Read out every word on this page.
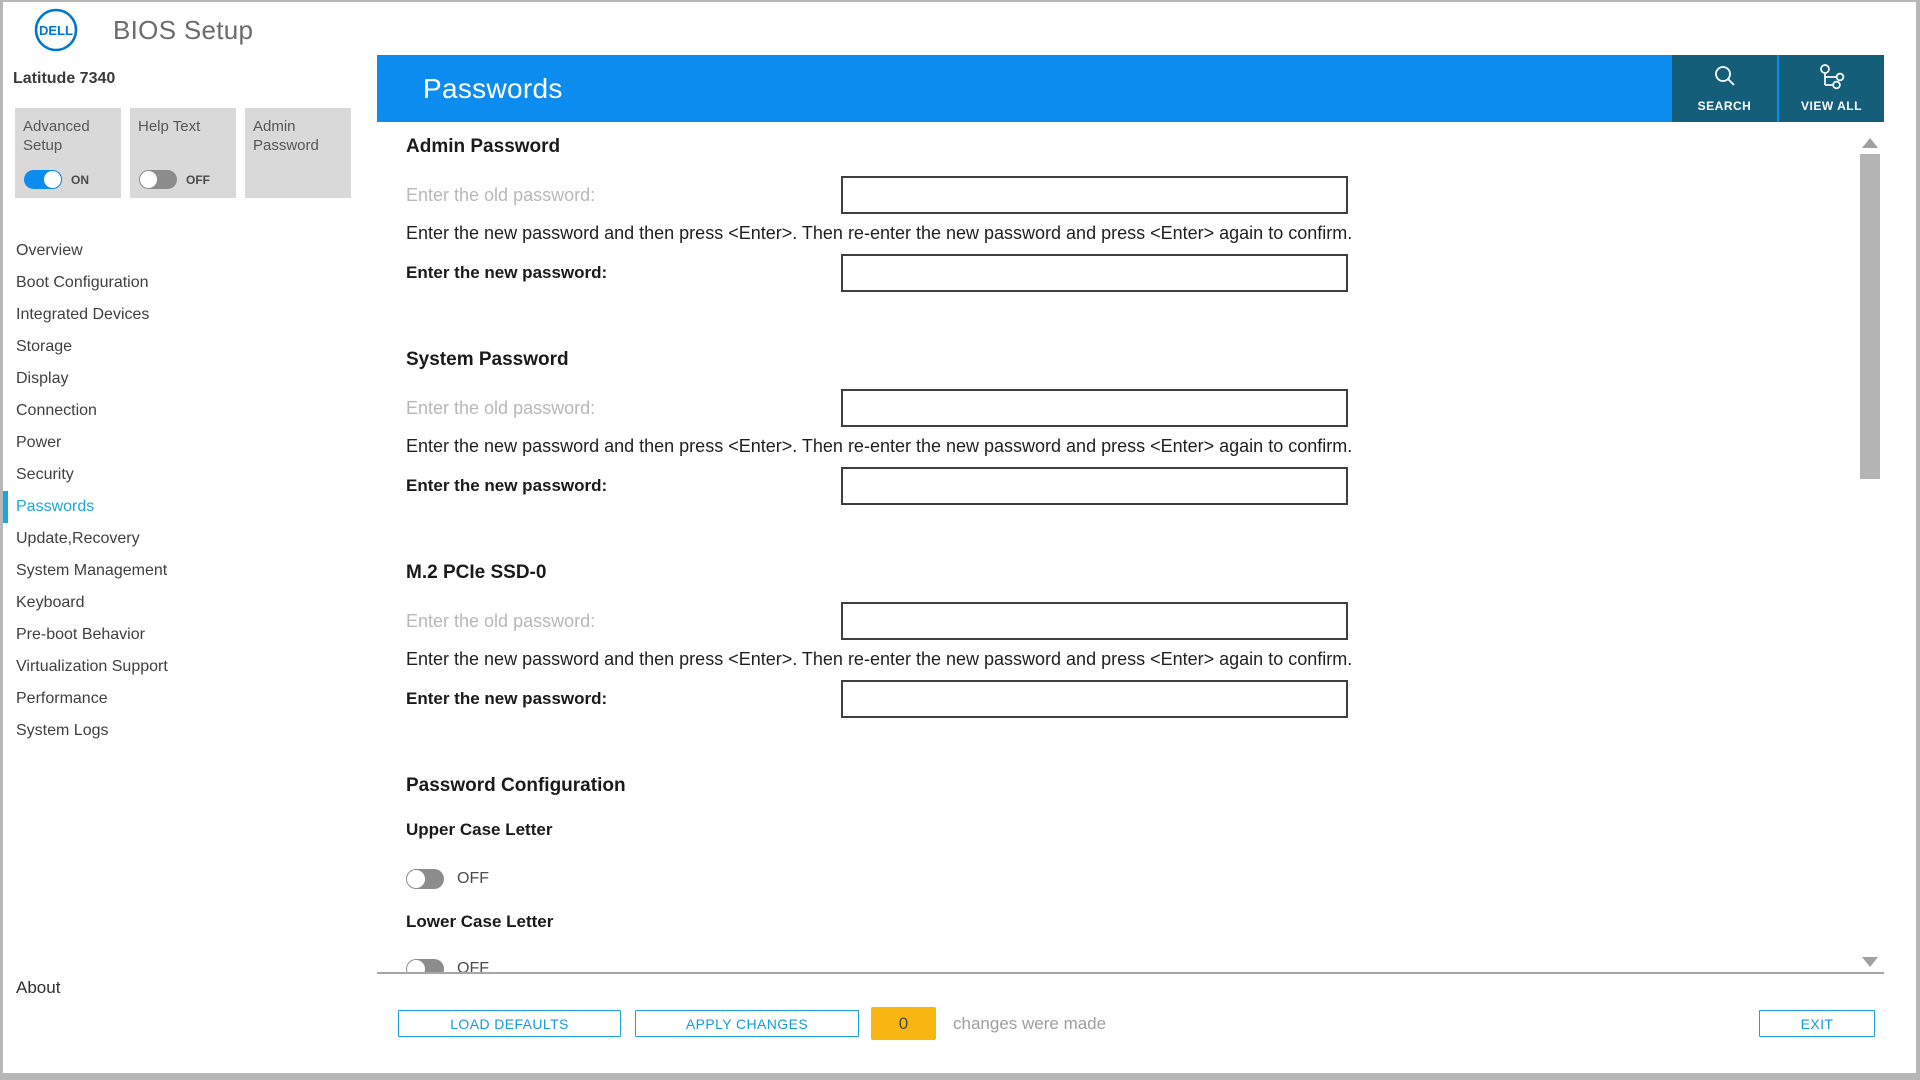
DELL BIOS Setup
Latitude 7340
Advanced Setup
ON
Help Text
OFF
Admin Password
Overview
Boot Configuration
Integrated Devices
Storage
Display
Connection
Power
Security
Passwords
Update,Recovery
System Management
Keyboard
Pre-boot Behavior
Virtualization Support
Performance
System Logs
About
Passwords
SEARCH	VIEW ALL
Admin Password
Enter the old password:
Enter the new password and then press <Enter>. Then re-enter the new password and press <Enter> again to confirm.
Enter the new password:
System Password
Enter the old password:
Enter the new password and then press <Enter>. Then re-enter the new password and press <Enter> again to confirm.
Enter the new password:
M.2 PCIe SSD-0
Enter the old password:
Enter the new password and then press <Enter>. Then re-enter the new password and press <Enter> again to confirm.
Enter the new password:
Password Configuration
Upper Case Letter
OFF
Lower Case Letter
OFF
LOAD DEFAULTS	APPLY CHANGES	0	changes were made	EXIT
